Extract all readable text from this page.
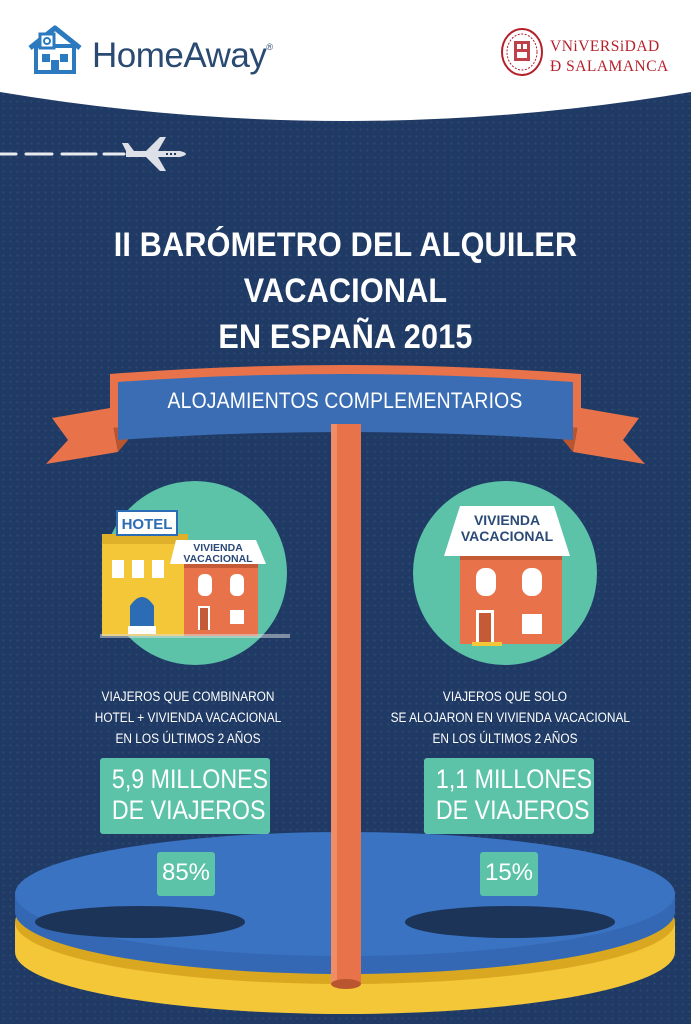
HomeAway®	VNiVERSiDAD
Ð SALAMANCA
II BARÓMETRO DEL ALQUILER VACACIONAL
EN ESPAÑA 2015
ALOJAMIENTOS COMPLEMENTARIOS
HOTEL
VIVIENDA
VACACIONAL
VIVIENDA
VACACIONAL
VIAJEROS QUE COMBINARON
HOTEL + VIVIENDA VACACIONAL
EN LOS ÚLTIMOS 2 AÑOS
5,9 MILLONES
DE VIAJEROS
85%
VIAJEROS QUE SOLO
SE ALOJARON EN VIVIENDA VACACIONAL
EN LOS ÚLTIMOS 2 AÑOS
1,1 MILLONES
DE VIAJEROS
15%
